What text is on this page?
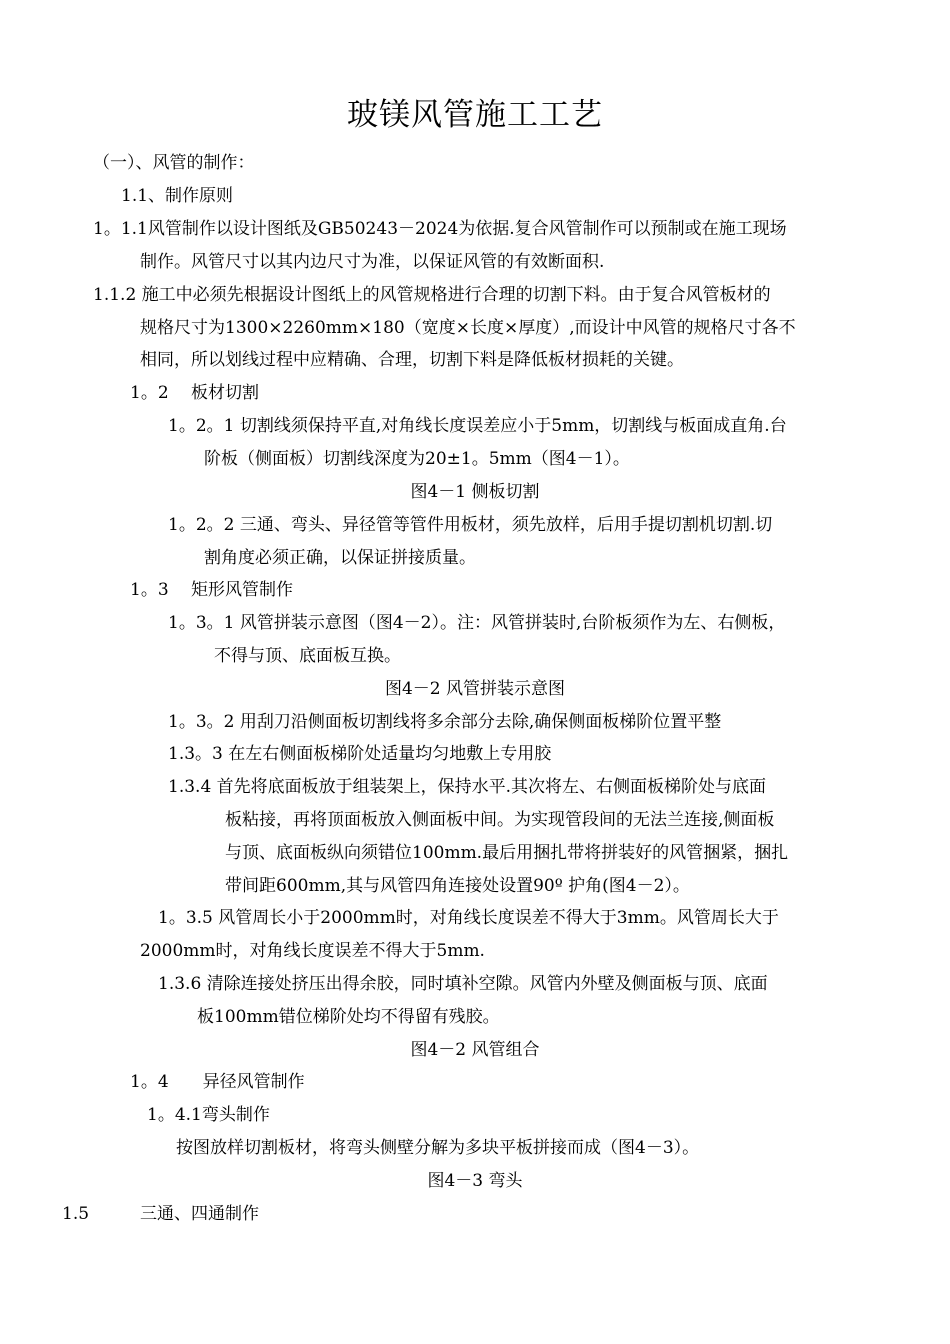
玻镁风管施工工艺
（一）、风管的制作：
1.1、制作原则
1。1.1风管制作以设计图纸及GB50243－2024为依据.复合风管制作可以预制或在施工现场
制作。风管尺寸以其内边尺寸为准，以保证风管的有效断面积.
1.1.2 施工中必须先根据设计图纸上的风管规格进行合理的切割下料。由于复合风管板材的
规格尺寸为1300×2260mm×180（宽度×长度×厚度）,而设计中风管的规格尺寸各不
相同，所以划线过程中应精确、合理，切割下料是降低板材损耗的关键。
1。2　 板材切割
1。2。1 切割线须保持平直,对角线长度误差应小于5mm，切割线与板面成直角.台
阶板（侧面板）切割线深度为20±1。5mm（图4－1）。
图4－1 侧板切割
1。2。2 三通、弯头、异径管等管件用板材，须先放样，后用手提切割机切割.切
割角度必须正确，以保证拼接质量。
1。3　 矩形风管制作
1。3。1 风管拼装示意图（图4－2）。注：风管拼装时,台阶板须作为左、右侧板，
不得与顶、底面板互换。
图4－2 风管拼装示意图
1。3。2 用刮刀沿侧面板切割线将多余部分去除,确保侧面板梯阶位置平整
1.3。3 在左右侧面板梯阶处适量均匀地敷上专用胶
1.3.4 首先将底面板放于组装架上，保持水平.其次将左、右侧面板梯阶处与底面
板粘接，再将顶面板放入侧面板中间。为实现管段间的无法兰连接,侧面板
与顶、底面板纵向须错位100mm.最后用捆扎带将拼装好的风管捆紧，捆扎
带间距600mm,其与风管四角连接处设置90º 护角(图4－2）。
1。3.5 风管周长小于2000mm时，对角线长度误差不得大于3mm。风管周长大于
2000mm时，对角线长度误差不得大于5mm.
1.3.6 清除连接处挤压出得余胶，同时填补空隙。风管内外壁及侧面板与顶、底面
板100mm错位梯阶处均不得留有残胶。
图4－2 风管组合
1。4　　异径风管制作
1。4.1弯头制作
按图放样切割板材，将弯头侧壁分解为多块平板拼接而成（图4－3）。
图4－3 弯头
1.5　　　三通、四通制作
